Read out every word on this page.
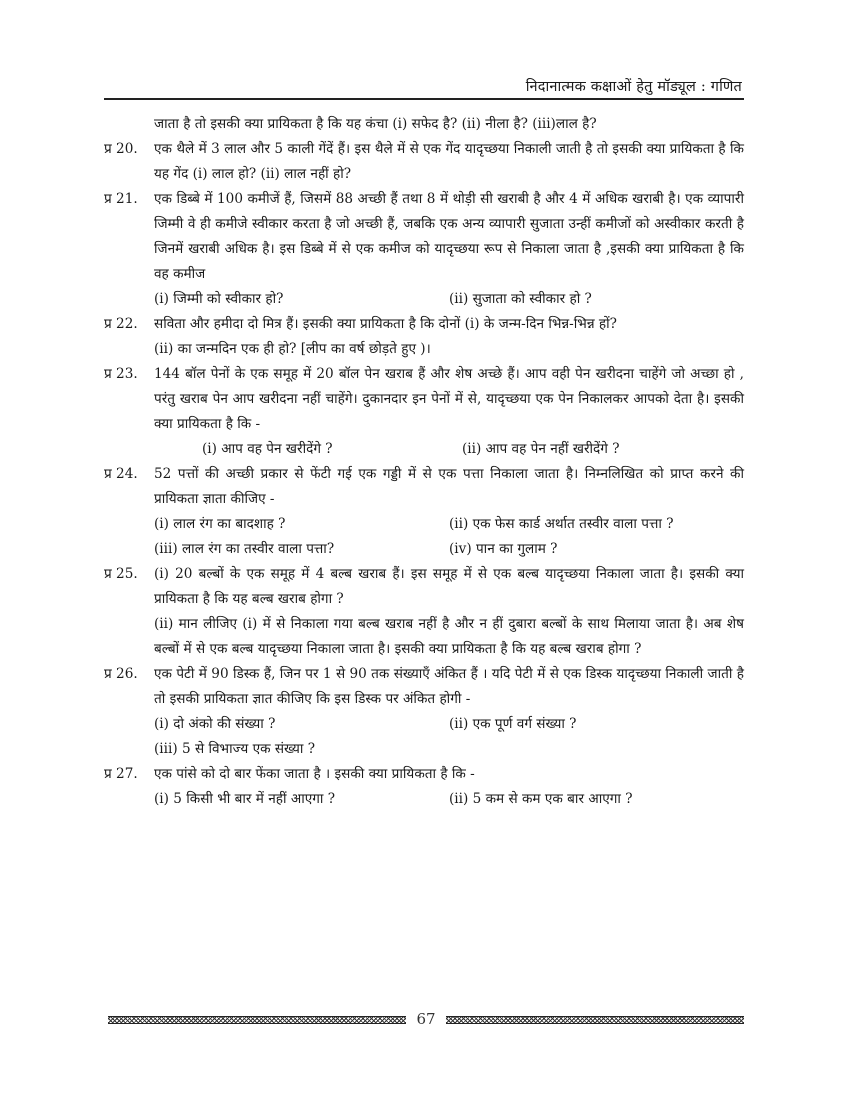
निदानात्मक कक्षाओं हेतु मॉड्यूल : गणित
जाता है तो इसकी क्या प्रायिकता है कि यह कंचा (i) सफेद है? (ii) नीला है? (iii)लाल है?
प्र 20.	एक थैले में 3 लाल और 5 काली गेंदें हैं। इस थैले में से एक गेंद यादृच्छया निकाली जाती है तो इसकी क्या प्रायिकता है कि यह गेंद (i) लाल हो? (ii) लाल नहीं हो?
प्र 21.	एक डिब्बे में 100 कमीजें हैं, जिसमें 88 अच्छी हैं तथा 8 में थोड़ी सी खराबी है और 4 में अधिक खराबी है। एक व्यापारी जिम्मी वे ही कमीजे स्वीकार करता है जो अच्छी हैं, जबकि एक अन्य व्यापारी सुजाता उन्हीं कमीजों को अस्वीकार करती है जिनमें खराबी अधिक है। इस डिब्बे में से एक कमीज को यादृच्छया रूप से निकाला जाता है ,इसकी क्या प्रायिकता है कि वह कमीज
(i) जिम्मी को स्वीकार हो?	(ii) सुजाता को स्वीकार हो ?
प्र 22.	सविता और हमीदा दो मित्र हैं। इसकी क्या प्रायिकता है कि दोनों (i) के जन्म-दिन भिन्न-भिन्न हों?
(ii) का जन्मदिन एक ही हो? [लीप का वर्ष छोड़ते हुए )।
प्र 23.	144 बॉल पेनों के एक समूह में 20 बॉल पेन खराब हैं और शेष अच्छे हैं। आप वही पेन खरीदना चाहेंगे जो अच्छा हो , परंतु खराब पेन आप खरीदना नहीं चाहेंगे। दुकानदार इन पेनों में से, यादृच्छया एक पेन निकालकर आपको देता है। इसकी क्या प्रायिकता है कि -
(i) आप वह पेन खरीदेंगे ?	(ii) आप वह पेन नहीं खरीदेंगे ?
प्र 24.	52 पत्तों की अच्छी प्रकार से फेंटी गई एक गड्डी में से एक पत्ता निकाला जाता है। निम्नलिखित को प्राप्त करने की प्रायिकता ज्ञाता कीजिए -
(i) लाल रंग का बादशाह ?	(ii) एक फेस कार्ड अर्थात तस्वीर वाला पत्ता ?
(iii) लाल रंग का तस्वीर वाला पत्ता?	(iv) पान का गुलाम ?
प्र 25.	(i) 20 बल्बों के एक समूह में 4 बल्ब खराब हैं। इस समूह में से एक बल्ब यादृच्छया निकाला जाता है। इसकी क्या प्रायिकता है कि यह बल्ब खराब होगा ?
(ii) मान लीजिए (i) में से निकाला गया बल्ब खराब नहीं है और न हीं दुबारा बल्बों के साथ मिलाया जाता है। अब शेष बल्बों में से एक बल्ब यादृच्छया निकाला जाता है। इसकी क्या प्रायिकता है कि यह बल्ब खराब होगा ?
प्र 26.	एक पेटी में 90 डिस्क हैं, जिन पर 1 से 90 तक संख्याएँ अंकित हैं । यदि पेटी में से एक डिस्क यादृच्छया निकाली जाती है तो इसकी प्रायिकता ज्ञात कीजिए कि इस डिस्क पर अंकित होगी -
(i) दो अंको की संख्या ?	(ii) एक पूर्ण वर्ग संख्या ?
(iii) 5 से विभाज्य एक संख्या ?
प्र 27.	एक पांसे को दो बार फेंका जाता है । इसकी क्या प्रायिकता है कि -
(i) 5 किसी भी बार में नहीं आएगा ?	(ii) 5 कम से कम एक बार आएगा ?
67
